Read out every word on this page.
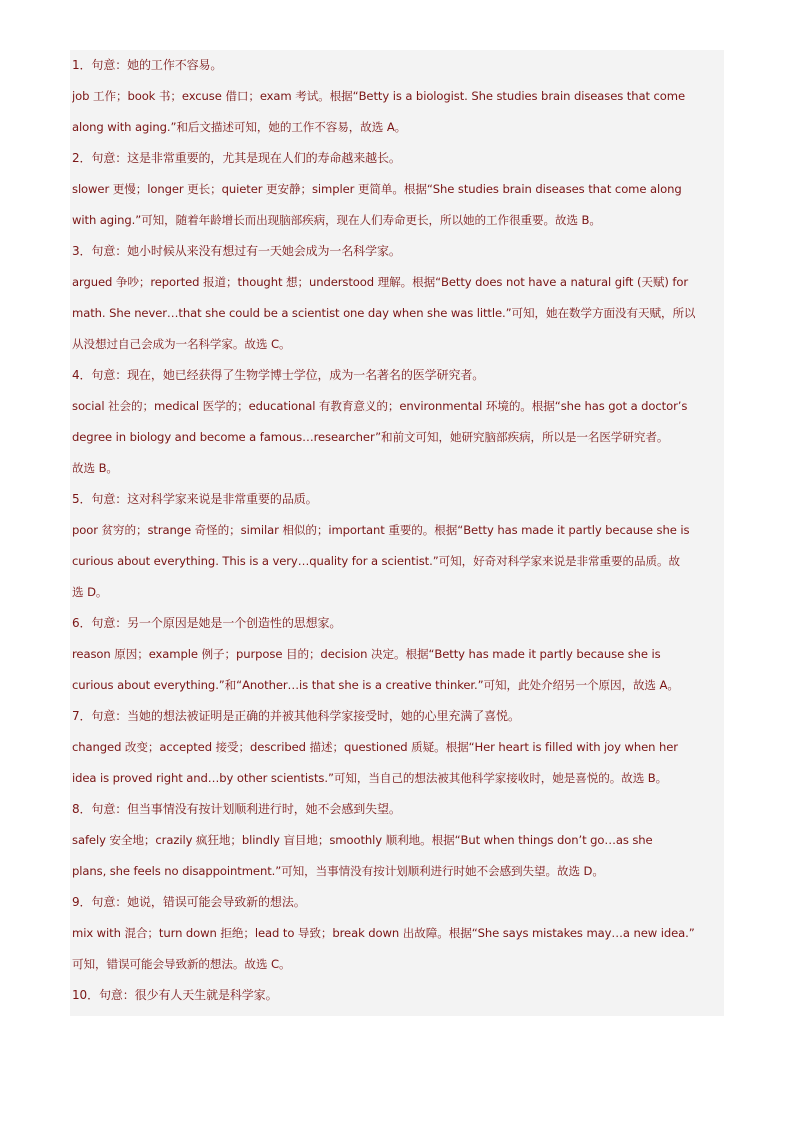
1．句意：她的工作不容易。
job 工作；book 书；excuse 借口；exam 考试。根据“Betty is a biologist. She studies brain diseases that come
along with aging.”和后文描述可知，她的工作不容易，故选 A。
2．句意：这是非常重要的，尤其是现在人们的寿命越来越长。
slower 更慢；longer 更长；quieter 更安静；simpler 更简单。根据“She studies brain diseases that come along
with aging.”可知，随着年龄增长而出现脑部疾病，现在人们寿命更长，所以她的工作很重要。故选 B。
3．句意：她小时候从来没有想过有一天她会成为一名科学家。
argued 争吵；reported 报道；thought 想；understood 理解。根据“Betty does not have a natural gift (天赋) for
math. She never…that she could be a scientist one day when she was little.”可知，她在数学方面没有天赋，所以
从没想过自己会成为一名科学家。故选 C。
4．句意：现在，她已经获得了生物学博士学位，成为一名著名的医学研究者。
social 社会的；medical 医学的；educational 有教育意义的；environmental 环境的。根据“she has got a doctor’s
degree in biology and become a famous…researcher”和前文可知，她研究脑部疾病，所以是一名医学研究者。
故选 B。
5．句意：这对科学家来说是非常重要的品质。
poor 贫穷的；strange 奇怪的；similar 相似的；important 重要的。根据“Betty has made it partly because she is
curious about everything. This is a very…quality for a scientist.”可知，好奇对科学家来说是非常重要的品质。故
选 D。
6．句意：另一个原因是她是一个创造性的思想家。
reason 原因；example 例子；purpose 目的；decision 决定。根据“Betty has made it partly because she is
curious about everything.”和“Another…is that she is a creative thinker.”可知，此处介绍另一个原因，故选 A。
7．句意：当她的想法被证明是正确的并被其他科学家接受时，她的心里充满了喜悦。
changed 改变；accepted 接受；described 描述；questioned 质疑。根据“Her heart is filled with joy when her
idea is proved right and…by other scientists.”可知，当自己的想法被其他科学家接收时，她是喜悦的。故选 B。
8．句意：但当事情没有按计划顺利进行时，她不会感到失望。
safely 安全地；crazily 疯狂地；blindly 盲目地；smoothly 顺利地。根据“But when things don’t go…as she
plans, she feels no disappointment.”可知，当事情没有按计划顺利进行时她不会感到失望。故选 D。
9．句意：她说，错误可能会导致新的想法。
mix with 混合；turn down 拒绝；lead to 导致；break down 出故障。根据“She says mistakes may…a new idea.”
可知，错误可能会导致新的想法。故选 C。
10．句意：很少有人天生就是科学家。
